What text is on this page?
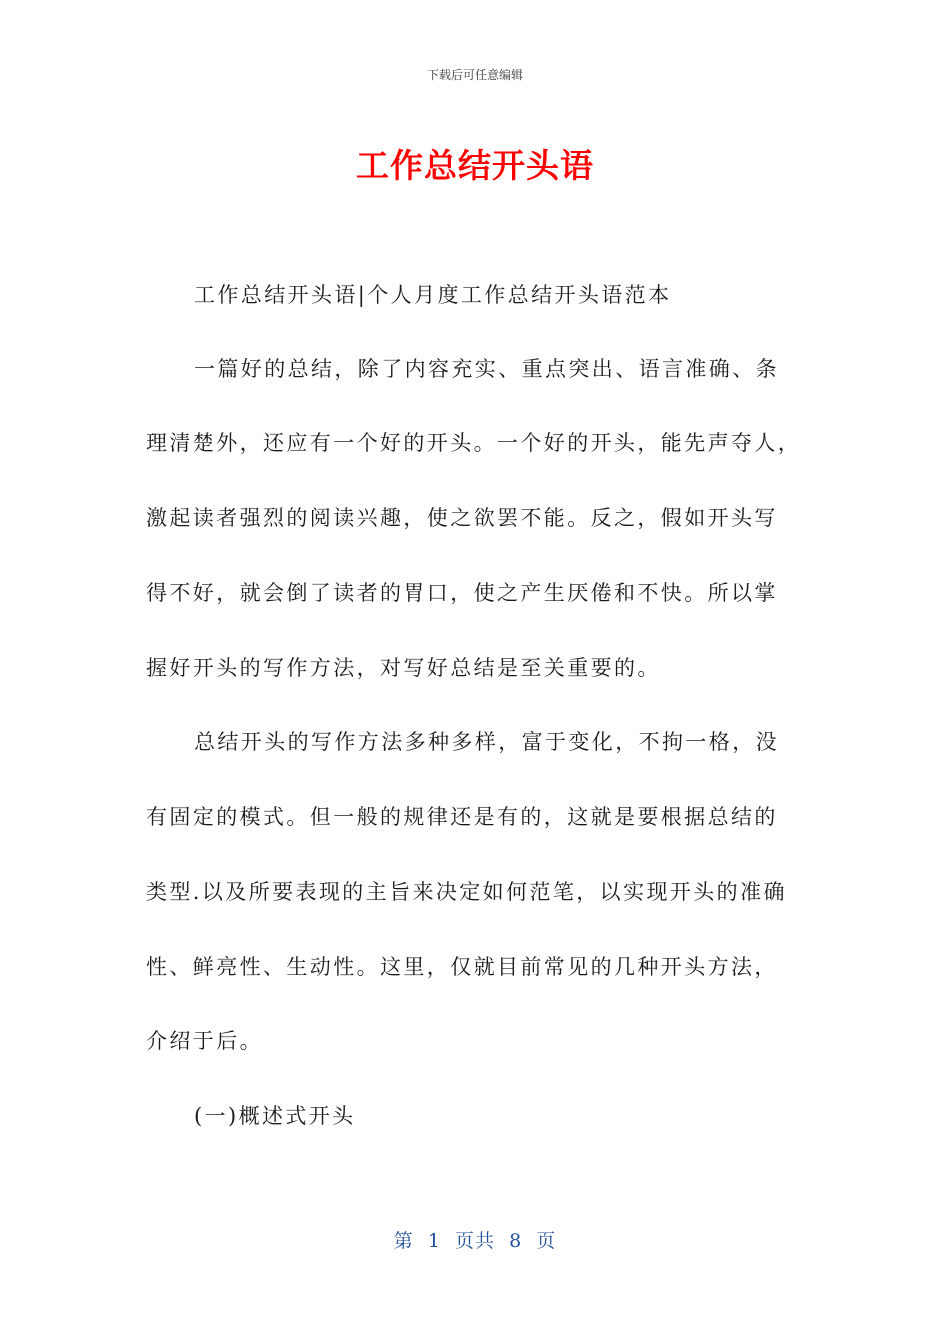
下载后可任意编辑
工作总结开头语
工作总结开头语|个人月度工作总结开头语范本
一篇好的总结，除了内容充实、重点突出、语言准确、条
理清楚外，还应有一个好的开头。一个好的开头，能先声夺人，
激起读者强烈的阅读兴趣，使之欲罢不能。反之，假如开头写
得不好，就会倒了读者的胃口，使之产生厌倦和不快。所以掌
握好开头的写作方法，对写好总结是至关重要的。
总结开头的写作方法多种多样，富于变化，不拘一格，没
有固定的模式。但一般的规律还是有的，这就是要根据总结的
类型.以及所要表现的主旨来决定如何范笔，以实现开头的准确
性、鲜亮性、生动性。这里，仅就目前常见的几种开头方法，
介绍于后。
(一)概述式开头
第  1  页共  8  页
